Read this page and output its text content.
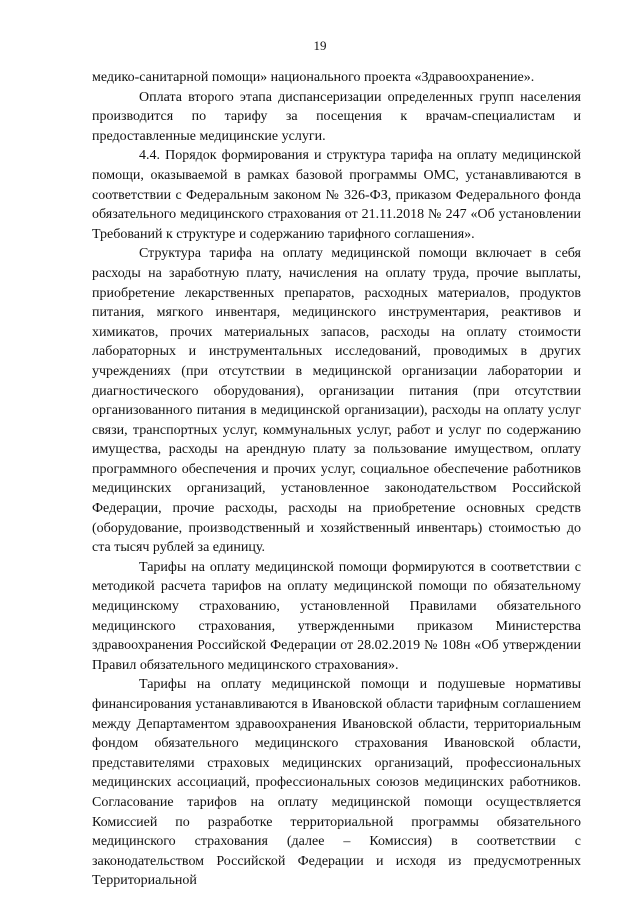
19

медико-санитарной помощи» национального проекта «Здравоохранение».

Оплата второго этапа диспансеризации определенных групп населения производится по тарифу за посещения к врачам-специалистам и предоставленные медицинские услуги.

4.4. Порядок формирования и структура тарифа на оплату медицинской помощи, оказываемой в рамках базовой программы ОМС, устанавливаются в соответствии с Федеральным законом № 326-ФЗ, приказом Федерального фонда обязательного медицинского страхования от 21.11.2018 № 247 «Об установлении Требований к структуре и содержанию тарифного соглашения».

Структура тарифа на оплату медицинской помощи включает в себя расходы на заработную плату, начисления на оплату труда, прочие выплаты, приобретение лекарственных препаратов, расходных материалов, продуктов питания, мягкого инвентаря, медицинского инструментария, реактивов и химикатов, прочих материальных запасов, расходы на оплату стоимости лабораторных и инструментальных исследований, проводимых в других учреждениях (при отсутствии в медицинской организации лаборатории и диагностического оборудования), организации питания (при отсутствии организованного питания в медицинской организации), расходы на оплату услуг связи, транспортных услуг, коммунальных услуг, работ и услуг по содержанию имущества, расходы на арендную плату за пользование имуществом, оплату программного обеспечения и прочих услуг, социальное обеспечение работников медицинских организаций, установленное законодательством Российской Федерации, прочие расходы, расходы на приобретение основных средств (оборудование, производственный и хозяйственный инвентарь) стоимостью до ста тысяч рублей за единицу.

Тарифы на оплату медицинской помощи формируются в соответствии с методикой расчета тарифов на оплату медицинской помощи по обязательному медицинскому страхованию, установленной Правилами обязательного медицинского страхования, утвержденными приказом Министерства здравоохранения Российской Федерации от 28.02.2019 № 108н «Об утверждении Правил обязательного медицинского страхования».

Тарифы на оплату медицинской помощи и подушевые нормативы финансирования устанавливаются в Ивановской области тарифным соглашением между Департаментом здравоохранения Ивановской области, территориальным фондом обязательного медицинского страхования Ивановской области, представителями страховых медицинских организаций, профессиональных медицинских ассоциаций, профессиональных союзов медицинских работников. Согласование тарифов на оплату медицинской помощи осуществляется Комиссией по разработке территориальной программы обязательного медицинского страхования (далее – Комиссия) в соответствии с законодательством Российской Федерации и исходя из предусмотренных Территориальной
